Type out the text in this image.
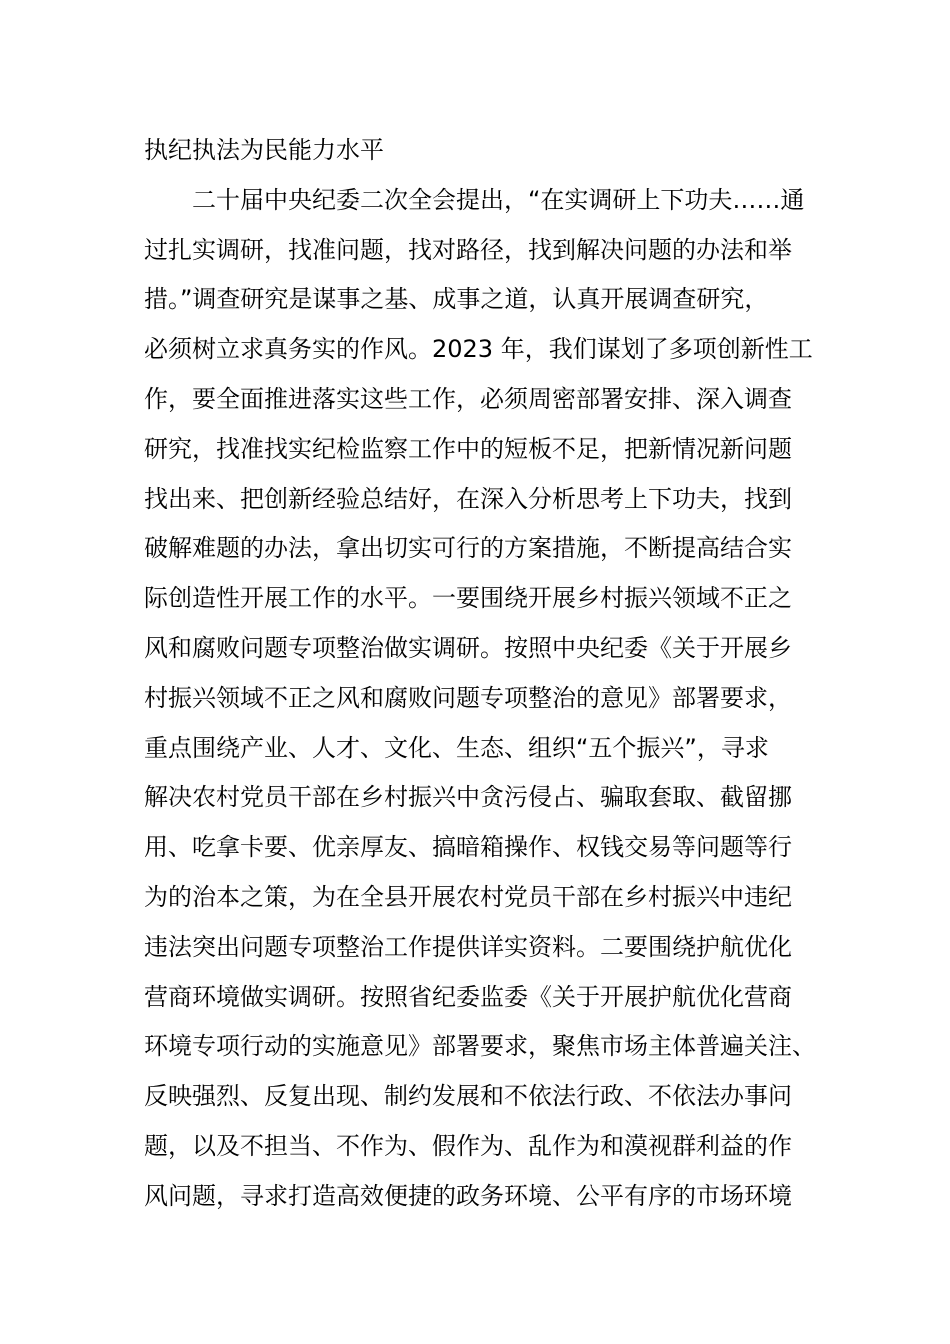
执纪执法为民能力水平
二十届中央纪委二次全会提出，“在实调研上下功夫……通
过扎实调研，找准问题，找对路径，找到解决问题的办法和举
措。”调查研究是谋事之基、成事之道，认真开展调查研究，
必须树立求真务实的作风。2023 年，我们谋划了多项创新性工
作，要全面推进落实这些工作，必须周密部署安排、深入调查
研究，找准找实纪检监察工作中的短板不足，把新情况新问题
找出来、把创新经验总结好，在深入分析思考上下功夫，找到
破解难题的办法，拿出切实可行的方案措施，不断提高结合实
际创造性开展工作的水平。一要围绕开展乡村振兴领域不正之
风和腐败问题专项整治做实调研。按照中央纪委《关于开展乡
村振兴领域不正之风和腐败问题专项整治的意见》部署要求，
重点围绕产业、人才、文化、生态、组织“五个振兴”，寻求
解决农村党员干部在乡村振兴中贪污侵占、骗取套取、截留挪
用、吃拿卡要、优亲厚友、搞暗箱操作、权钱交易等问题等行
为的治本之策，为在全县开展农村党员干部在乡村振兴中违纪
违法突出问题专项整治工作提供详实资料。二要围绕护航优化
营商环境做实调研。按照省纪委监委《关于开展护航优化营商
环境专项行动的实施意见》部署要求，聚焦市场主体普遍关注、
反映强烈、反复出现、制约发展和不依法行政、不依法办事问
题，以及不担当、不作为、假作为、乱作为和漠视群利益的作
风问题，寻求打造高效便捷的政务环境、公平有序的市场环境
